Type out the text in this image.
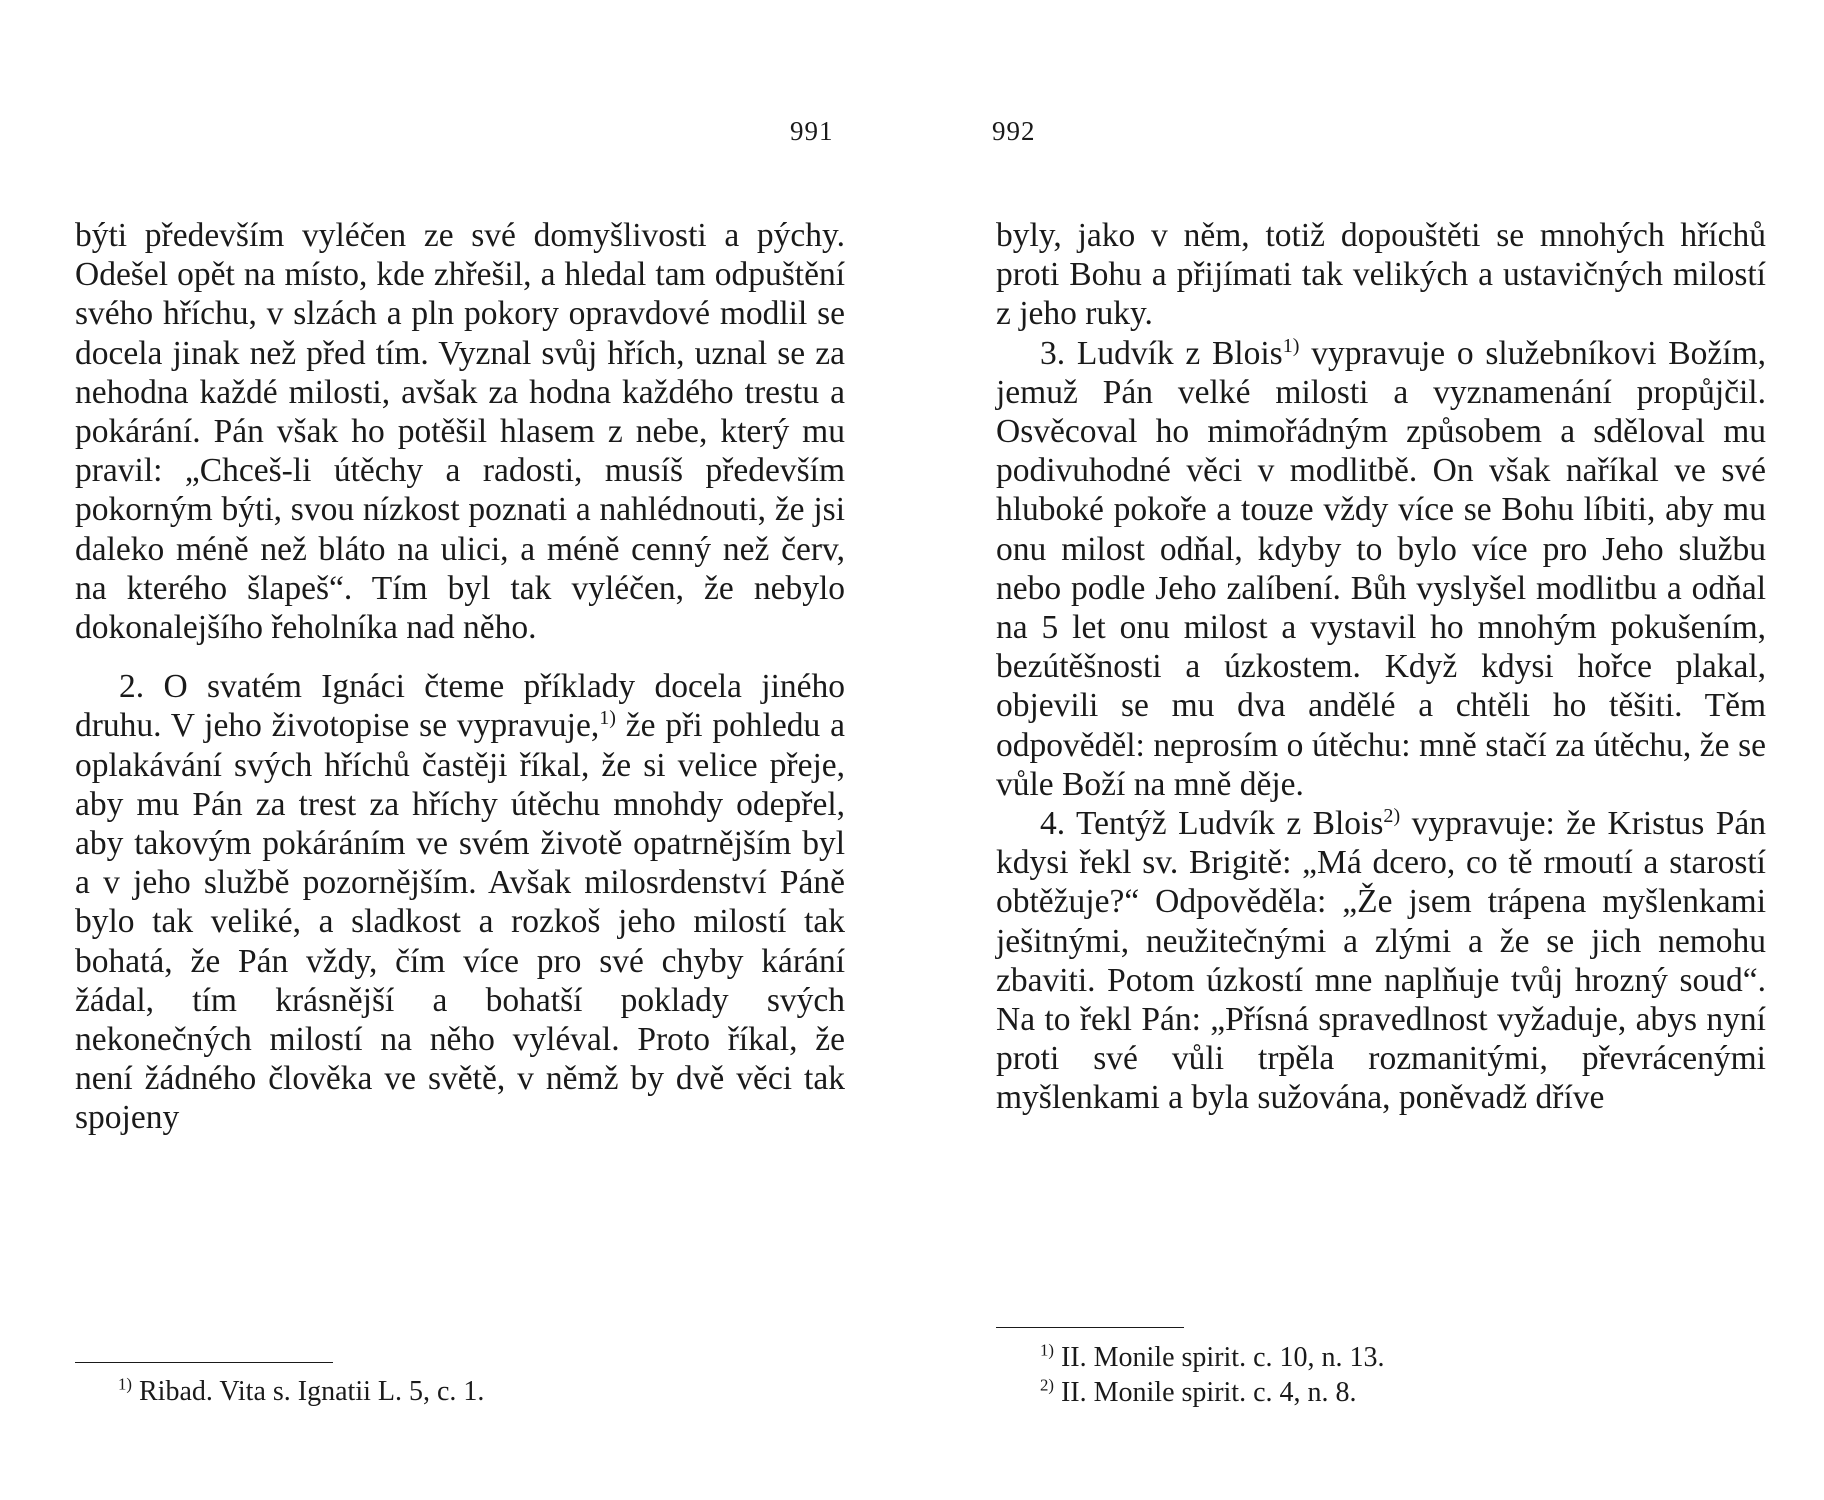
991

býti především vyléčen ze své domyšlivosti a pýchy. Odešel opět na místo, kde zhřešil, a hledal tam odpuštění svého hříchu, v slzách a pln pokory opravdové modlil se docela jinak než před tím. Vyznal svůj hřích, uznal se za nehodna každé milosti, avšak za hodna každého trestu a pokárání. Pán však ho potěšil hlasem z nebe, který mu pravil: „Chceš-li útěchy a radosti, musíš především pokorným býti, svou nízkost poznati a nahlédnouti, že jsi daleko méně než bláto na ulici, a méně cenný než červ, na kterého šlapeš“. Tím byl tak vyléčen, že nebylo dokonalejšího řeholníka nad něho.

2. O svatém Ignáci čteme příklady docela jiného druhu. V jeho životopise se vypravuje,$^{1)}$ že při pohledu a oplakávání svých hříchů častěji říkal, že si velice přeje, aby mu Pán za trest za hříchy útěchu mnohdy odepřel, aby takovým pokáráním ve svém životě opatrnějším byl a v jeho službě pozornějším. Avšak milosrdenství Páně bylo tak veliké, a sladkost a rozkoš jeho milostí tak bohatá, že Pán vždy, čím více pro své chyby kárání žádal, tím krásnější a bohatší poklady svých nekonečných milostí na něho vyléval. Proto říkal, že není žádného člověka ve světě, v němž by dvě věci tak spojeny

$^{1)}$ Ribad. Vita s. Ignatii L. 5, c. 1.
992

byly, jako v něm, totiž dopouštěti se mnohých hříchů proti Bohu a přijímati tak velikých a ustavičných milostí z jeho ruky.

3. Ludvík z Blois$^{1)}$ vypravuje o služebníkovi Božím, jemuž Pán velké milosti a vyznamenání propůjčil. Osvěcoval ho mimořádným způsobem a sděloval mu podivuhodné věci v modlitbě. On však naříkal ve své hluboké pokoře a touze vždy více se Bohu líbiti, aby mu onu milost odňal, kdyby to bylo více pro Jeho službu nebo podle Jeho zalíbení. Bůh vyslyšel modlitbu a odňal na 5 let onu milost a vystavil ho mnohým pokušením, bezútěšnosti a úzkostem. Když kdysi hořce plakal, objevili se mu dva andělé a chtěli ho těšiti. Těm odpověděl: neprosím o útěchu: mně stačí za útěchu, že se vůle Boží na mně děje.

4. Tentýž Ludvík z Blois$^{2)}$ vypravuje: že Kristus Pán kdysi řekl sv. Brigitě: „Má dcero, co tě rmoutí a starostí obtěžuje?“ Odpověděla: „Že jsem trápena myšlenkami ješitnými, neužitečnými a zlými a že se jich nemohu zbaviti. Potom úzkostí mne naplňuje tvůj hrozný soud“. Na to řekl Pán: „Přísná spravedlnost vyžaduje, abys nyní proti své vůli trpěla rozmanitými, převrácenými myšlenkami a byla sužována, poněvadž dříve

$^{1)}$ II. Monile spirit. c. 10, n. 13.
$^{2)}$ II. Monile spirit. c. 4, n. 8.
